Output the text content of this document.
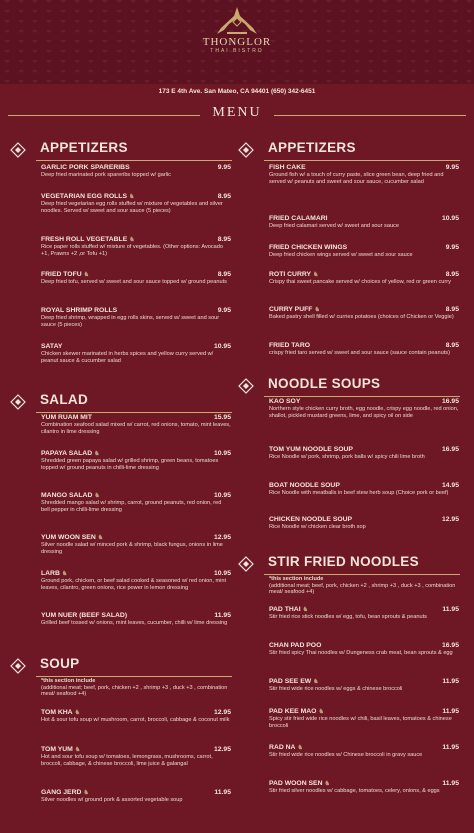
THONGLOR
THAI BISTRO
173 E 4th Ave. San Mateo, CA 94401 (650) 342-6451
MENU
APPETIZERS
GARLIC PORK SPARERIBS	9.95
Deep fried marinated pork spareribs topped w/ garlic
VEGETARIAN EGG ROLLS ♞	8.95
Deep fried vegetarian egg rolls stuffed w/ mixture of vegetables and silver noodles. Served w/ sweet and sour sauce (5 pieces)
FRESH ROLL VEGETABLE ♞	8.95
Rice paper rolls stuffed w/ mixture of vegetables. (Other options: Avocado +1, Prawns +2 ,or Tofu +1)
FRIED TOFU ♞	8.95
Deep fried tofu, served w/ sweet and sour sauce topped w/ ground peanuts
ROYAL SHRIMP ROLLS	9.95
Deep fried shrimp, wrapped in egg rolls skins, served w/ sweet and sour sauce (5 pieces)
SATAY	10.95
Chicken skewer marinated in herbs spices and yellow curry served w/ peanut sauce & cucumber salad
SALAD
YUM RUAM MIT	15.95
Combination seafood salad mixed w/ carrot, red onions, tomato, mint leaves, cilantro in lime dressing
PAPAYA SALAD ♞	10.95
Shredded green papaya salad w/ grilled shrimp, green beans, tomatoes topped w/ ground peanuts in chilli-lime dressing
MANGO SALAD ♞	10.95
Shredded mango salad w/ shrimp, carrot, ground peanuts, red onion, red bell pepper in chilli-lime dressing
YUM WOON SEN ♞	12.95
Silver noodle salad w/ minced pork & shrimp, black fungus, onions in lime dressing
LARB ♞	10.95
Ground pork, chicken, or beef salad cooked & seasoned w/ red onion, mint leaves, cilantro, green onions, rice power in lemon dressing
YUM NUER (BEEF SALAD)	11.95
Grilled beef tossed w/ onions, mint leaves, cucumber, chilli w/ lime dressing
SOUP
*this section include
(additional meat; beef, pork, chicken +2 , shrimp +3 , duck +3 , combination meat/ seafood +4)
TOM KHA ♞	12.95
Hot & sour tofu soup w/ mushroom, carrot, broccoli, cabbage & coconut milk
TOM YUM ♞	12.95
Hot and sour tofu soup w/ tomatoes, lemongrass, mushrooms, carrot, broccoli, cabbage, & chinese broccoli, lime juice & galangal
GANG JERD ♞	11.95
Silver noodles w/ ground pork & assorted vegetable soup
APPETIZERS
FISH CAKE	9.95
Ground fish w/ a touch of curry paste, slice green bean, deep fried and served w/ peanuts and sweet and sour sauce, cucumber salad
FRIED CALAMARI	10.95
Deep fried calamari served w/ sweet and sour sauce
FRIED CHICKEN WINGS	9.95
Deep fried chicken wings served w/ sweet and sour sauce
ROTI CURRY ♞	8.95
Crispy thai sweet pancake served w/ choices of yellow, red or green curry
CURRY PUFF ♞	8.95
Baked pastry shell filled w/ curries potatoes (choices of Chicken or Veggie)
FRIED TARO	8.95
crispy fried taro served w/ sweet and sour sauce (sauce contain peanuts)
NOODLE SOUPS
KAO SOY	16.95
Northern style chicken curry broth, egg noodle, crispy egg noodle, red onion, shallot, pickled mustard greens, lime, and spicy oil on side
TOM YUM NOODLE SOUP	16.95
Rice Noodle w/ pork, shrimp, pork balls w/ spicy chili lime broth
BOAT NOODLE SOUP	14.95
Rice Noodle with meatballs in beef stew herb soup (Choice pork or beef)
CHICKEN NOODLE SOUP	12.95
Rice Noodle w/ chicken clear broth sop
STIR FRIED NOODLES
*this section include
(additional meat; beef, pork, chicken +2 , shrimp +3 , duck +3 , combination meat/ seafood +4)
PAD THAI ♞	11.95
Stir fried rice stick noodles w/ egg, tofu, bean sprouts & peanuts
CHAN PAD POO	16.95
Stir fried spicy Thai noodles w/ Dungeness crab meat, bean sprouts & egg
PAD SEE EW ♞	11.95
Stir fried wide rice noodles w/ eggs & chinese broccoli
PAD KEE MAO ♞	11.95
Spicy stir fried wide rice noodles w/ chili, basil leaves, tomatoes & chinese broccoli
RAD NA ♞	11.95
Stir fried wide rice noodles w/ Chinese broccoli in gravy sauce
PAD WOON SEN ♞	11.95
Stir fried silver noodles w/ cabbage, tomatoes, celery, onions, & eggs
